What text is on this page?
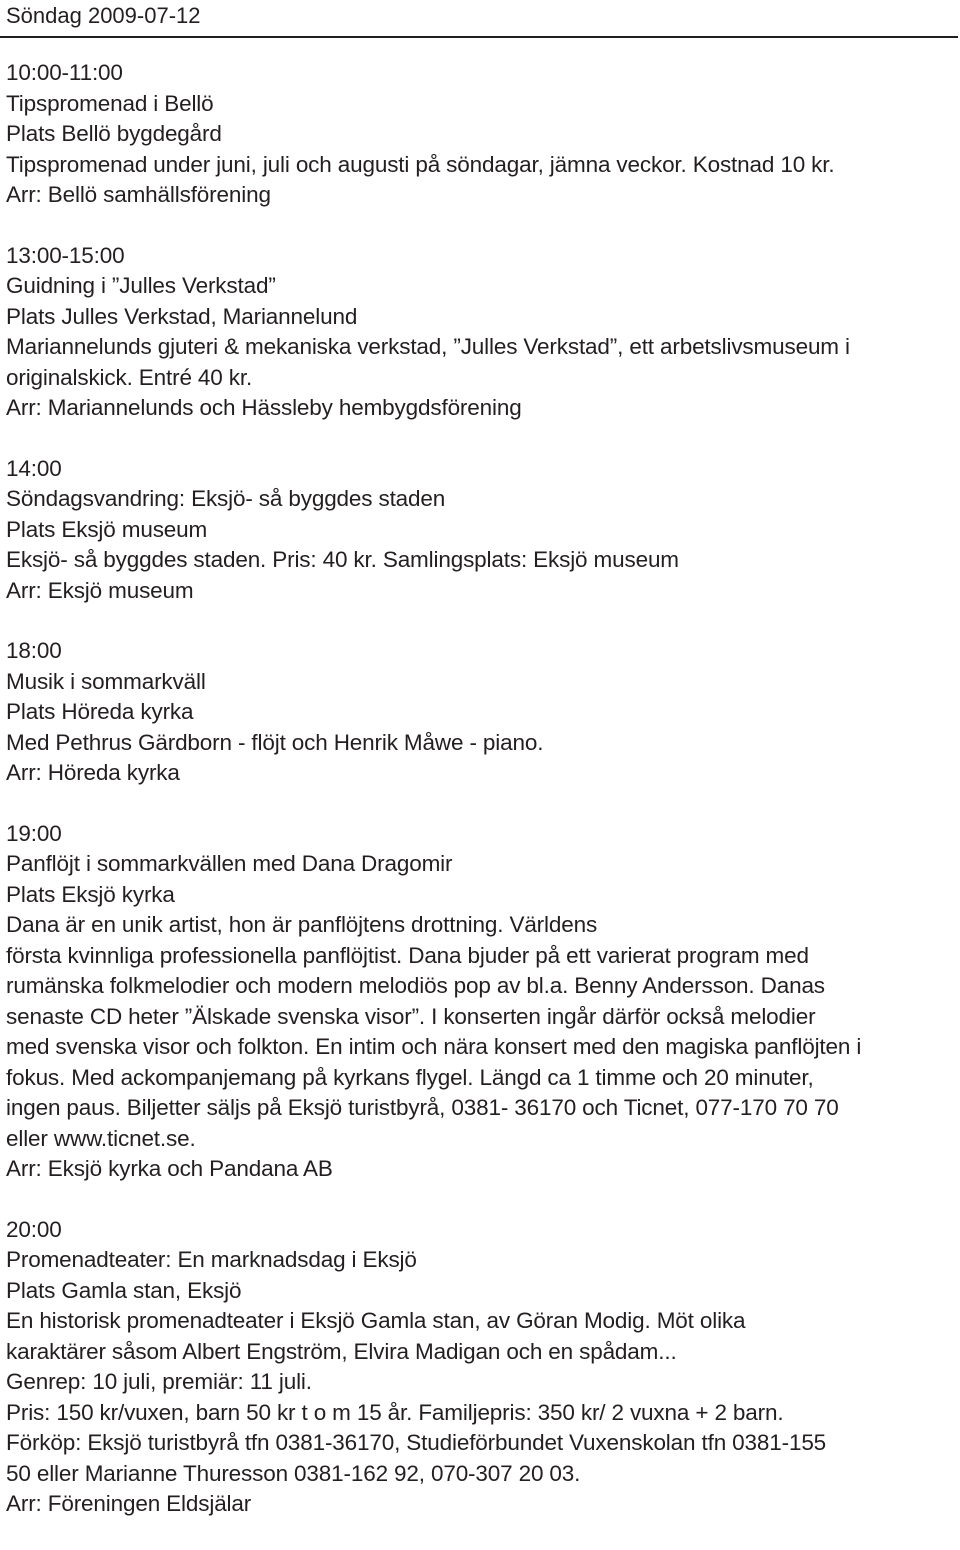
Söndag 2009-07-12
10:00-11:00
Tipspromenad i Bellö
Plats Bellö bygdegård
Tipspromenad under juni, juli och augusti på söndagar, jämna veckor. Kostnad 10 kr.
Arr: Bellö samhällsförening
13:00-15:00
Guidning i ”Julles Verkstad”
Plats Julles Verkstad, Mariannelund
Mariannelunds gjuteri & mekaniska verkstad, ”Julles Verkstad”, ett arbetslivsmuseum i
originalskick. Entré 40 kr.
Arr: Mariannelunds och Hässleby hembygdsförening
14:00
Söndagsvandring: Eksjö- så byggdes staden
Plats Eksjö museum
Eksjö- så byggdes staden. Pris: 40 kr. Samlingsplats: Eksjö museum
Arr: Eksjö museum
18:00
Musik i sommarkväll
Plats Höreda kyrka
Med Pethrus Gärdborn - flöjt och Henrik Måwe - piano.
Arr: Höreda kyrka
19:00
Panflöjt i sommarkvällen med Dana Dragomir
Plats Eksjö kyrka
Dana är en unik artist, hon är panflöjtens drottning. Världens
första kvinnliga professionella panflöjtist. Dana bjuder på ett varierat program med
rumänska folkmelodier och modern melodiös pop av bl.a. Benny Andersson. Danas
senaste CD heter ”Älskade svenska visor”. I konserten ingår därför också melodier
med svenska visor och folkton. En intim och nära konsert med den magiska panflöjten i
fokus. Med ackompanjemang på kyrkans flygel. Längd ca 1 timme och 20 minuter,
ingen paus. Biljetter säljs på Eksjö turistbyrå, 0381- 36170 och Ticnet, 077-170 70 70
eller www.ticnet.se.
Arr: Eksjö kyrka och Pandana AB
20:00
Promenadteater: En marknadsdag i Eksjö
Plats Gamla stan, Eksjö
En historisk promenadteater i Eksjö Gamla stan, av Göran Modig. Möt olika
karaktärer såsom Albert Engström, Elvira Madigan och en spådam...
Genrep: 10 juli, premiär: 11 juli.
Pris: 150 kr/vuxen, barn 50 kr t o m 15 år. Familjepris: 350 kr/ 2 vuxna + 2 barn.
Förköp: Eksjö turistbyrå tfn 0381-36170, Studieförbundet Vuxenskolan tfn 0381-155
50 eller Marianne Thuresson 0381-162 92, 070-307 20 03.
Arr: Föreningen Eldsjälar
